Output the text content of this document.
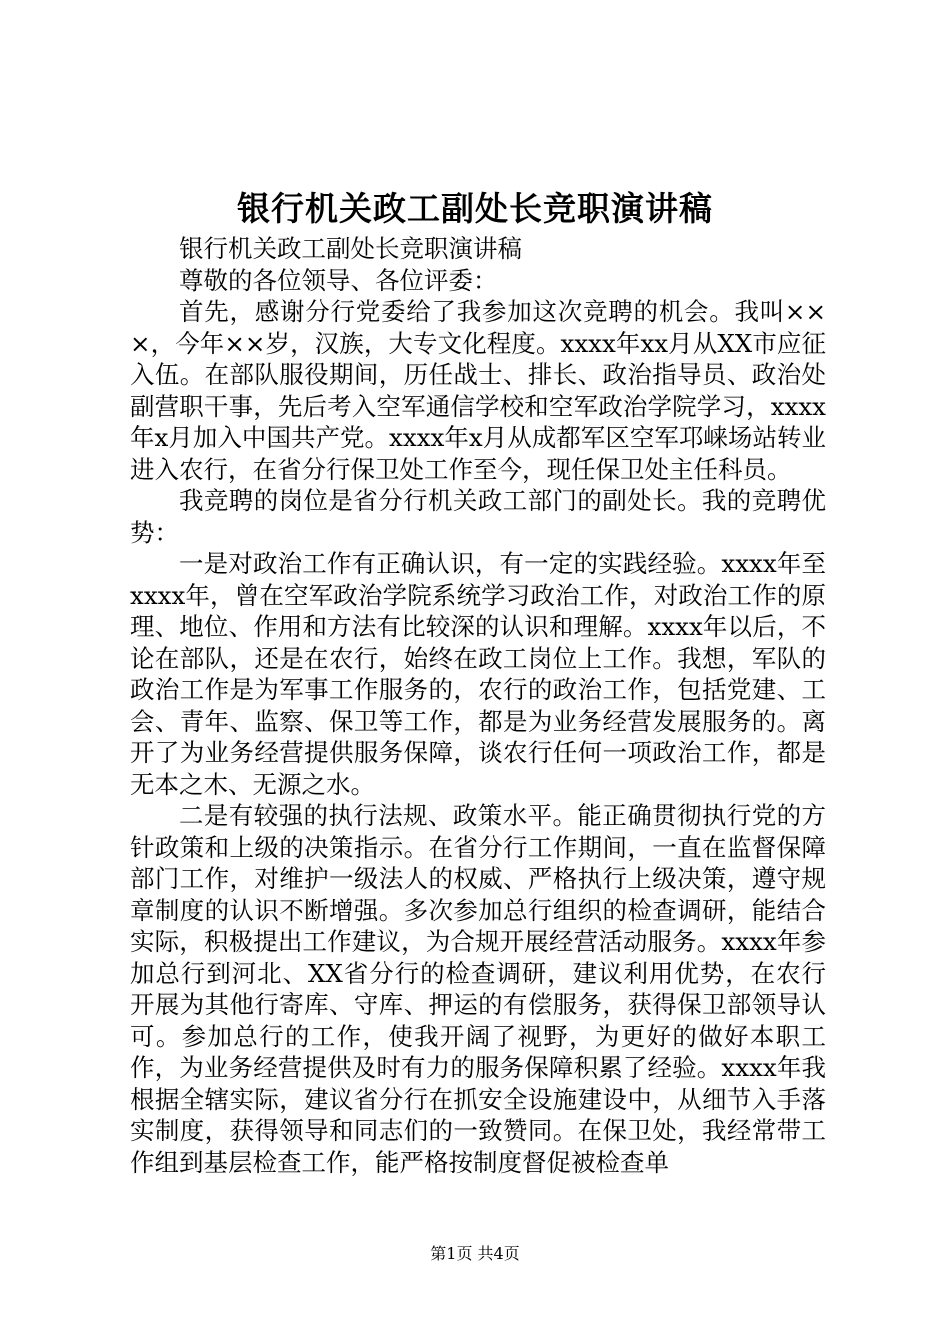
银行机关政工副处长竞职演讲稿

银行机关政工副处长竞职演讲稿

尊敬的各位领导、各位评委：

首先，感谢分行党委给了我参加这次竞聘的机会。我叫×××，今年××岁，汉族，大专文化程度。xxxx年xx月从XX市应征入伍。在部队服役期间，历任战士、排长、政治指导员、政治处副营职干事，先后考入空军通信学校和空军政治学院学习，xxxx年x月加入中国共产党。xxxx年x月从成都军区空军邛崃场站转业进入农行，在省分行保卫处工作至今，现任保卫处主任科员。

我竞聘的岗位是省分行机关政工部门的副处长。我的竞聘优势：

一是对政治工作有正确认识，有一定的实践经验。xxxx年至xxxx年，曾在空军政治学院系统学习政治工作，对政治工作的原理、地位、作用和方法有比较深的认识和理解。xxxx年以后，不论在部队，还是在农行，始终在政工岗位上工作。我想，军队的政治工作是为军事工作服务的，农行的政治工作，包括党建、工会、青年、监察、保卫等工作，都是为业务经营发展服务的。离开了为业务经营提供服务保障，谈农行任何一项政治工作，都是无本之木、无源之水。

二是有较强的执行法规、政策水平。能正确贯彻执行党的方针政策和上级的决策指示。在省分行工作期间，一直在监督保障部门工作，对维护一级法人的权威、严格执行上级决策，遵守规章制度的认识不断增强。多次参加总行组织的检查调研，能结合实际，积极提出工作建议，为合规开展经营活动服务。xxxx年参加总行到河北、XX省分行的检查调研，建议利用优势，在农行开展为其他行寄库、守库、押运的有偿服务，获得保卫部领导认可。参加总行的工作，使我开阔了视野，为更好的做好本职工作，为业务经营提供及时有力的服务保障积累了经验。xxxx年我根据全辖实际，建议省分行在抓安全设施建设中，从细节入手落实制度，获得领导和同志们的一致赞同。在保卫处，我经常带工作组到基层检查工作，能严格按制度督促被检查单

第1页 共4页
